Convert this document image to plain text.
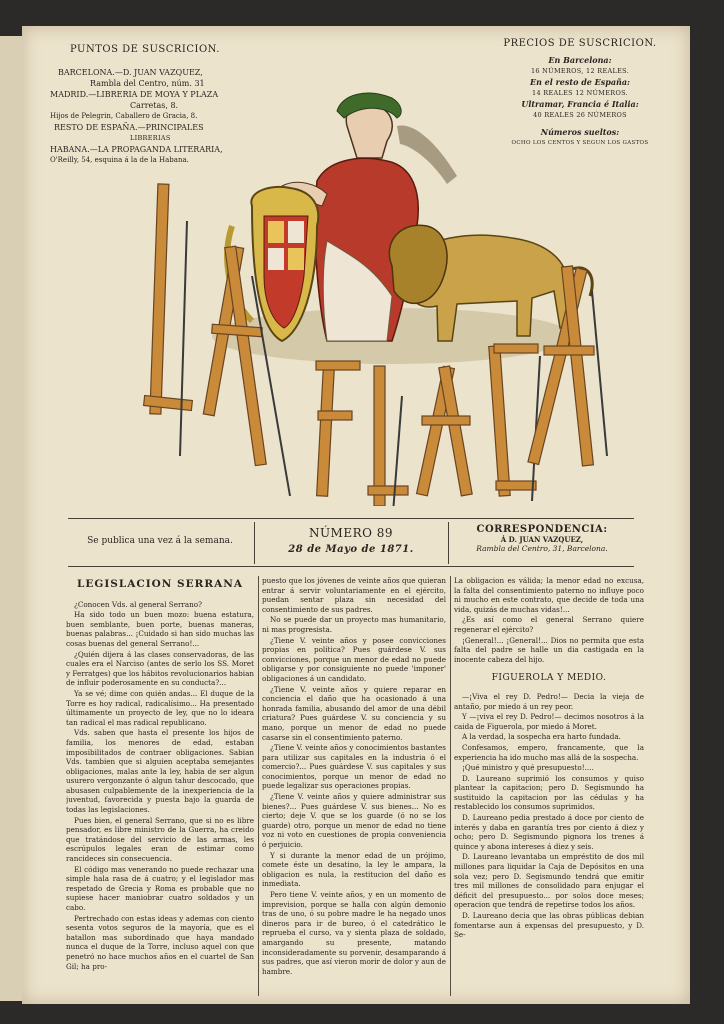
PUNTOS DE SUSCRICION.
BARCELONA.—D. JUAN VAZQUEZ,
Rambla del Centro, núm. 31
MADRID.—LIBRERIA DE MOYA Y PLAZA
Carretas, 8.
Hijos de Pelegrin, Caballero de Gracia, 8.
RESTO DE ESPAÑA.—PRINCIPALES
LIBRERIAS
HABANA.—LA PROPAGANDA LITERARIA,
O'Reilly, 54, esquina á la de la Habana.
PRECIOS DE SUSCRICION.
En Barcelona:
16 NÚMEROS, 12 REALES.
En el resto de España:
14 REALES 12 NÚMEROS.
Ultramar, Francia é Italia:
40 REALES 26 NÚMEROS
Números sueltos:
OCHO LOS CENTOS Y SEGUN LOS GASTOS
LA FLACA
Se publica una vez á la semana.
NÚMERO 89
28 de Mayo de 1871.
CORRESPONDENCIA:
Á D. JUAN VAZQUEZ,
Rambla del Centro, 31, Barcelona.
LEGISLACION SERRANA

¿Conocen Vds. al general Serrano?

Ha sido todo un buen mozo: buena estatura, buen semblante, buen porte, buenas maneras, buenas palabras... ¡Cuidado si han sido muchas las cosas buenas del general Serrano!...

¿Quién dijera á las clases conservadoras, de las cuales era el Narciso (antes de serlo los SS. Moret y Ferratges) que los hábitos revolucionarios habian de influir poderosamente en su conducta?...

Ya se vé; dime con quién andas... El duque de la Torre es hoy radical, radicalísimo... Ha presentado últimamente un proyecto de ley, que no lo ideara tan radical el mas radical republicano.

Vds. saben que hasta el presente los hijos de familia, los menores de edad, estaban imposibilitados de contraer obligaciones. Sabian Vds. tambien que si alguien aceptaba semejantes obligaciones, malas ante la ley, habia de ser algun usurero vergonzante ó algun tahur descocado, que abusasen culpablemente de la inexperiencia de la juventud, favorecida y puesta bajo la guarda de todas las legislaciones.

Pues bien, el general Serrano, que si no es libre pensador, es libre ministro de la Guerra, ha creido que tratándose del servicio de las armas, les escrúpulos legales eran de estimar como rancideces sin consecuencia.

El código mas venerando no puede rechazar una simple hala rasa de á cuatro; y el legislador mas respetado de Grecia y Roma es probable que no supiese hacer maniobrar cuatro soldados y un cabo.

Pertrechado con estas ideas y ademas con ciento sesenta votos seguros de la mayoría, que es el batallon mas subordinado que haya mandado nunca el duque de la Torre, incluso aquel con que penetró no hace muchos años en el cuartel de San Gil; ha pro-

puesto que los jóvenes de veinte años que quieran entrar á servir voluntariamente en el ejército, puedan sentar plaza sin necesidad del consentimiento de sus padres.

No se puede dar un proyecto mas humanitario, ni mas progresista.

¿Tiene V. veinte años y posee convicciones propias en política? Pues guárdese V. sus convicciones, porque un menor de edad no puede obligarse y por consiguiente no puede 'imponer' obligaciones á un candidato.

¿Tiene V. veinte años y quiere reparar en conciencia el daño que ha ocasionado á una honrada familia, abusando del amor de una débil criatura? Pues guárdese V. su conciencia y su mano, porque un menor de edad no puede casarse sin el consentimiento paterno.

¿Tiene V. veinte años y conocimientos bastantes para utilizar sus capitales en la industria ó el comercio?... Pues guárdese V. sus capitales y sus conocimientos, porque un menor de edad no puede legalizar sus operaciones propias.

¿Tiene V. veinte años y quiere administrar sus bienes?... Pues guárdese V. sus bienes... No es cierto; deje V. que se los guarde (ó no se los guarde) otro, porque un menor de edad no tiene voz ni voto en cuestiones de propia conveniencia ó perjuicio.

Y si durante la menor edad de un prójimo, comete éste un desatino, la ley le ampara, la obligacion es nula, la restitucion del daño es inmediata.

Pero tiene V. veinte años, y en un momento de imprevision, porque se halla con algún demonio tras de uno, ó su pobre madre le ha negado unos dineros para ir de bureo, ó el catedrático le reprueba el curso, va y sienta plaza de soldado, amargando su presente, matando inconsideradamente su porvenir, desamparando á sus padres, que así vieron morir de dolor y aun de hambre.

La obligacion es válida; la menor edad no excusa, la falta del consentimiento paterno no influye poco ni mucho en este contrato, que decide de toda una vida, quizás de muchas vidas!...

¿Es así como el general Serrano quiere regenerar el ejército?

¡General!... ¡General!... Dios no permita que esta falta del padre se halle un dia castigada en la inocente cabeza del hijo.

FIGUEROLA Y MEDIO.

—¡Viva el rey D. Pedro!— Decia la vieja de antaño, por miedo á un rey peor.

Y —¡viva el rey D. Pedro!— decimos nosotros á la caida de Figuerola, por miedo á Moret.

A la verdad, la sospecha era harto fundada.

Confesamos, empero, francamente, que la experiencia ha ido mucho mas allá de la sospecha.

¡Qué ministro y qué presupuesto!....

D. Laureano suprimió los consumos y quiso plantear la capitacion; pero D. Segismundo ha sustituido la capitacion por las cédulas y ha restablecido los consumos suprimidos.

D. Laureano pedia prestado á doce por ciento de interés y daba en garantía tres por ciento á diez y ocho; pero D. Segismundo pignora los trenes á quince y abona intereses á diez y seis.

D. Laureano levantaba un empréstito de dos mil millones para liquidar la Caja de Depósitos en una sola vez; pero D. Segismundo tendrá que emitir tres mil millones de consolidado para enjugar el déficit del presupuesto... por solos doce meses; operacion que tendrá de repetirse todos los años.

D. Laureano decia que las obras públicas debian fomentarse aun á expensas del presupuesto, y D. Se-
